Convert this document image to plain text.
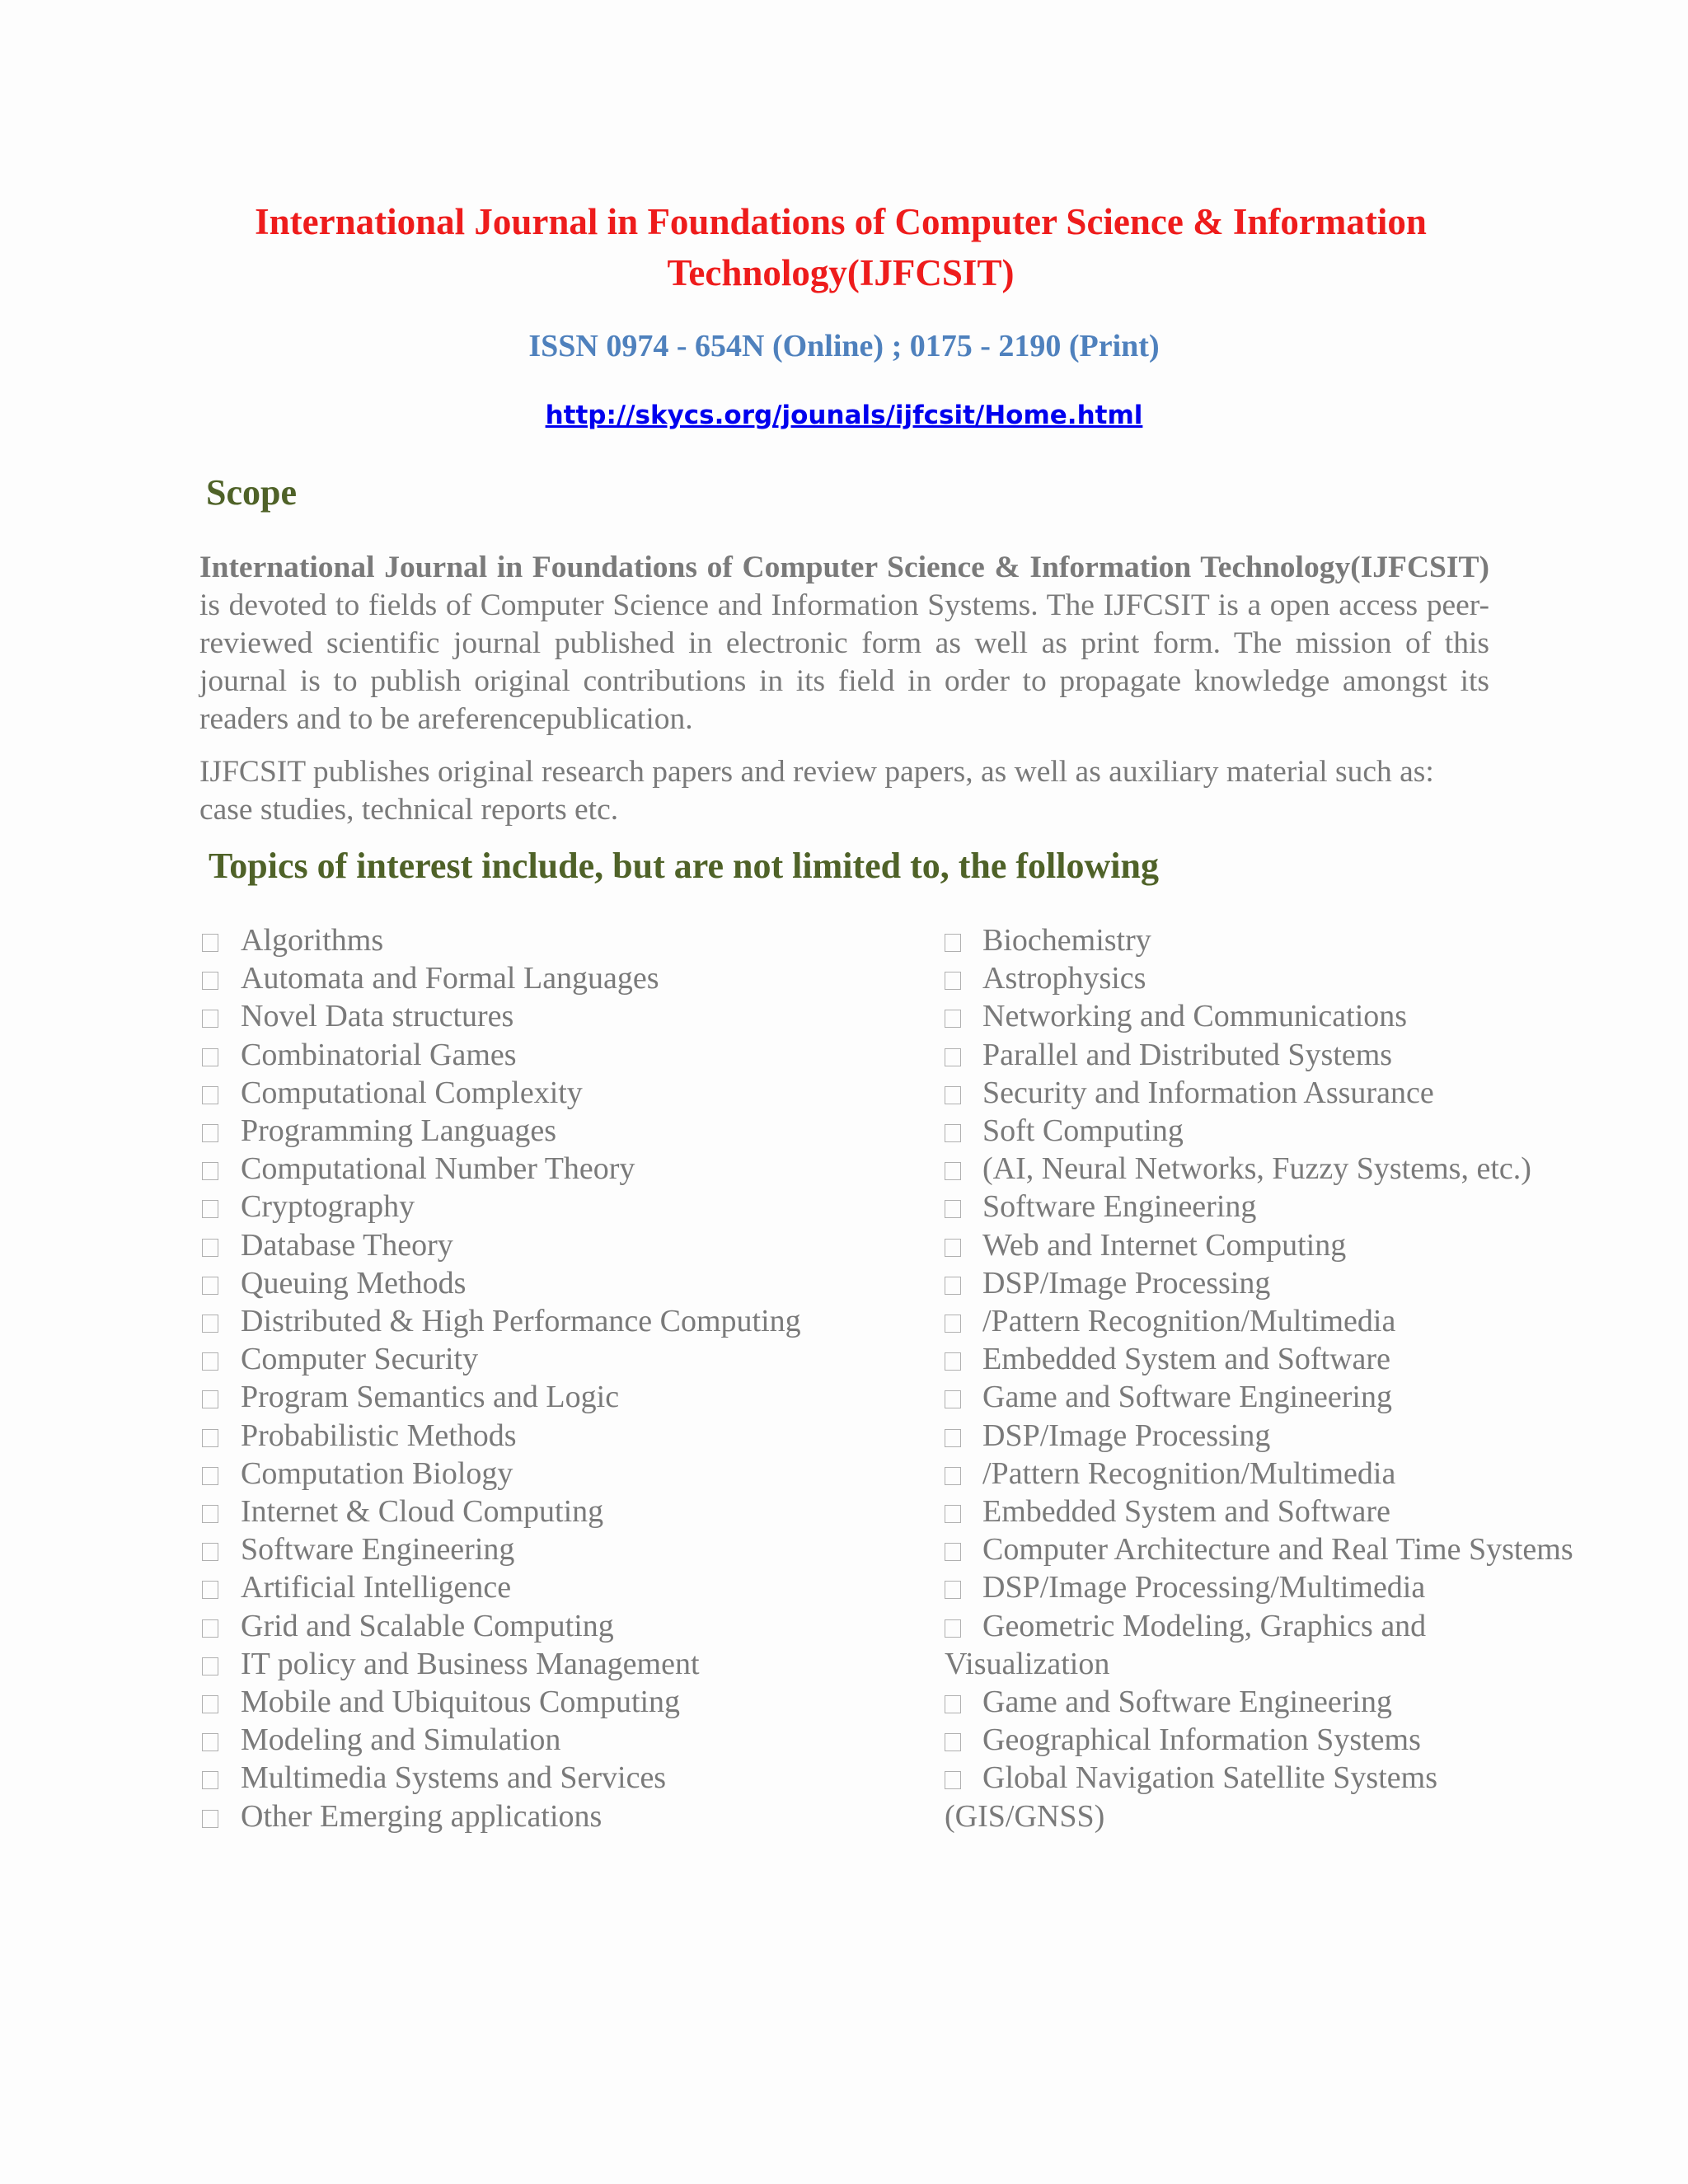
International Journal in Foundations of Computer Science & Information
Technology(IJFCSIT)
ISSN 0974 - 654N (Online) ; 0175 - 2190 (Print)
http://skycs.org/jounals/ijfcsit/Home.html
Scope
International Journal in Foundations of Computer Science & Information Technology(IJFCSIT) is devoted to fields of Computer Science and Information Systems. The IJFCSIT is a open access peer-reviewed scientific journal published in electronic form as well as print form. The mission of this journal is to publish original contributions in its field in order to propagate knowledge amongst its readers and to be areferencepublication.
IJFCSIT publishes original research papers and review papers, as well as auxiliary material such as: case studies, technical reports etc.
Topics of interest include, but are not limited to, the following
Algorithms
Automata and Formal Languages
Novel Data structures
Combinatorial Games
Computational Complexity
Programming Languages
Computational Number Theory
Cryptography
Database Theory
Queuing Methods
Distributed & High Performance Computing
Computer Security
Program Semantics and Logic
Probabilistic Methods
Computation Biology
Internet & Cloud Computing
Software Engineering
Artificial Intelligence
Grid and Scalable Computing
IT policy and Business Management
Mobile and Ubiquitous Computing
Modeling and Simulation
Multimedia Systems and Services
Other Emerging applications
Biochemistry
Astrophysics
Networking and Communications
Parallel and Distributed Systems
Security and Information Assurance
Soft Computing
(AI, Neural Networks, Fuzzy Systems, etc.)
Software Engineering
Web and Internet Computing
DSP/Image Processing
/Pattern Recognition/Multimedia
Embedded System and Software
Game and Software Engineering
DSP/Image Processing
/Pattern Recognition/Multimedia
Embedded System and Software
Computer Architecture and Real Time Systems
DSP/Image Processing/Multimedia
Geometric Modeling, Graphics and
Visualization
Game and Software Engineering
Geographical Information Systems
Global Navigation Satellite Systems
(GIS/GNSS)
